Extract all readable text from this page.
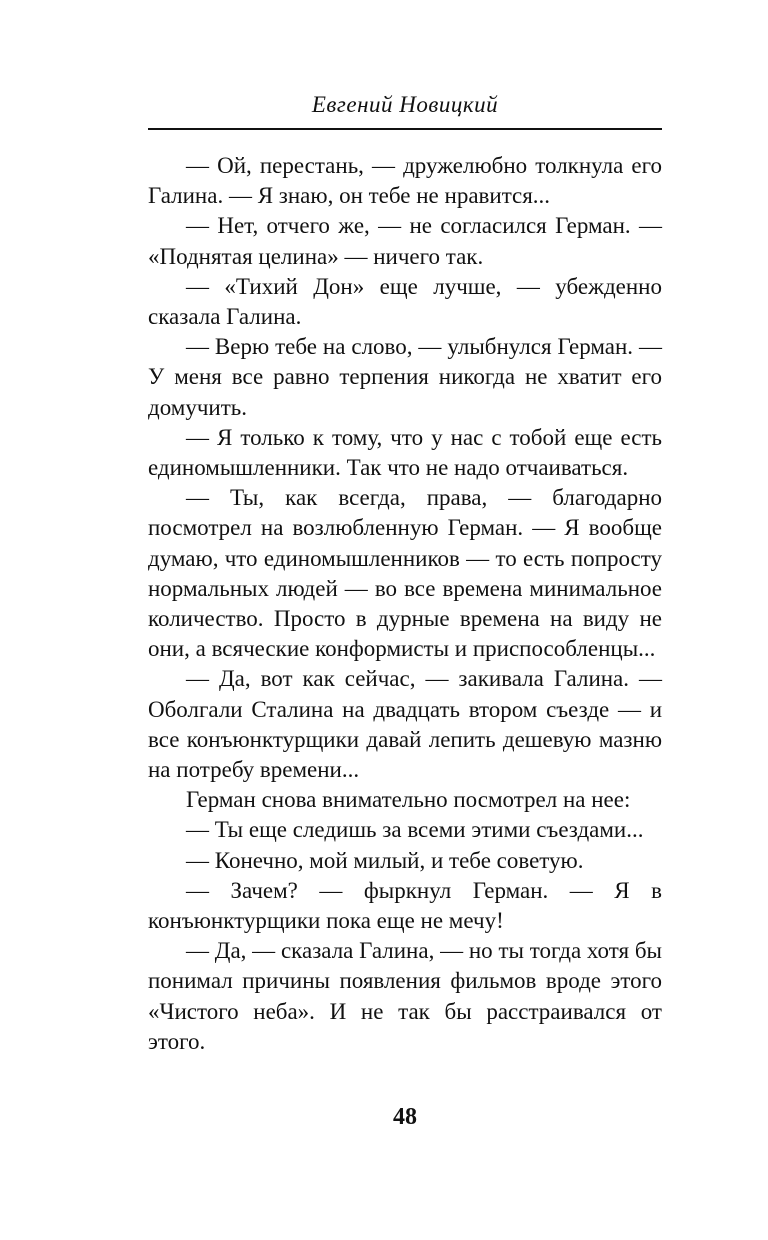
Евгений Новицкий

— Ой, перестань, — дружелюбно толкнула его Галина. — Я знаю, он тебе не нравится...

— Нет, отчего же, — не согласился Герман. — «Поднятая целина» — ничего так.

— «Тихий Дон» еще лучше, — убежденно сказала Галина.

— Верю тебе на слово, — улыбнулся Герман. — У меня все равно терпения никогда не хватит его домучить.

— Я только к тому, что у нас с тобой еще есть единомышленники. Так что не надо отчаиваться.

— Ты, как всегда, права, — благодарно посмотрел на возлюбленную Герман. — Я вообще думаю, что единомышленников — то есть попросту нормальных людей — во все времена минимальное количество. Просто в дурные времена на виду не они, а всяческие конформисты и приспособленцы...

— Да, вот как сейчас, — закивала Галина. — Оболгали Сталина на двадцать втором съезде — и все конъюнктурщики давай лепить дешевую мазню на потребу времени...

Герман снова внимательно посмотрел на нее:

— Ты еще следишь за всеми этими съездами...

— Конечно, мой милый, и тебе советую.

— Зачем? — фыркнул Герман. — Я в конъюнктурщики пока еще не мечу!

— Да, — сказала Галина, — но ты тогда хотя бы понимал причины появления фильмов вроде этого «Чистого неба». И не так бы расстраивался от этого.

48
